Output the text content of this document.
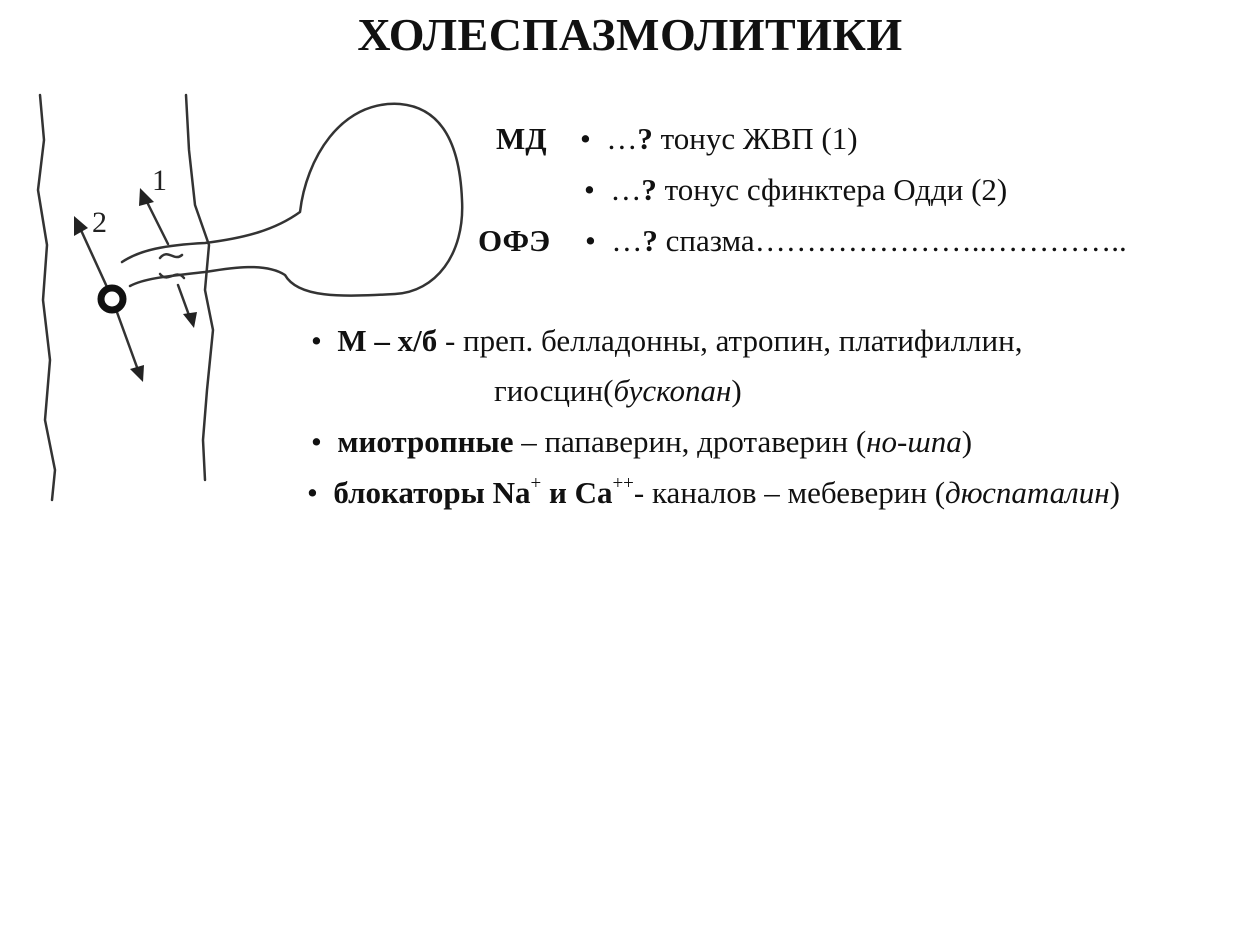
ХОЛЕСПАЗМОЛИТИКИ
1
2
МД • …? тонус ЖВП (1)
• …? тонус сфинктера Одди (2)
ОФЭ • …? спазма…………………..…………..
• М – х/б - преп. белладонны, атропин, платифиллин,
гиосцин(бускопан)
• миотропные – папаверин, дротаверин (но-шпа)
• блокаторы Na+ и Ca++- каналов – мебеверин (дюспаталин)
